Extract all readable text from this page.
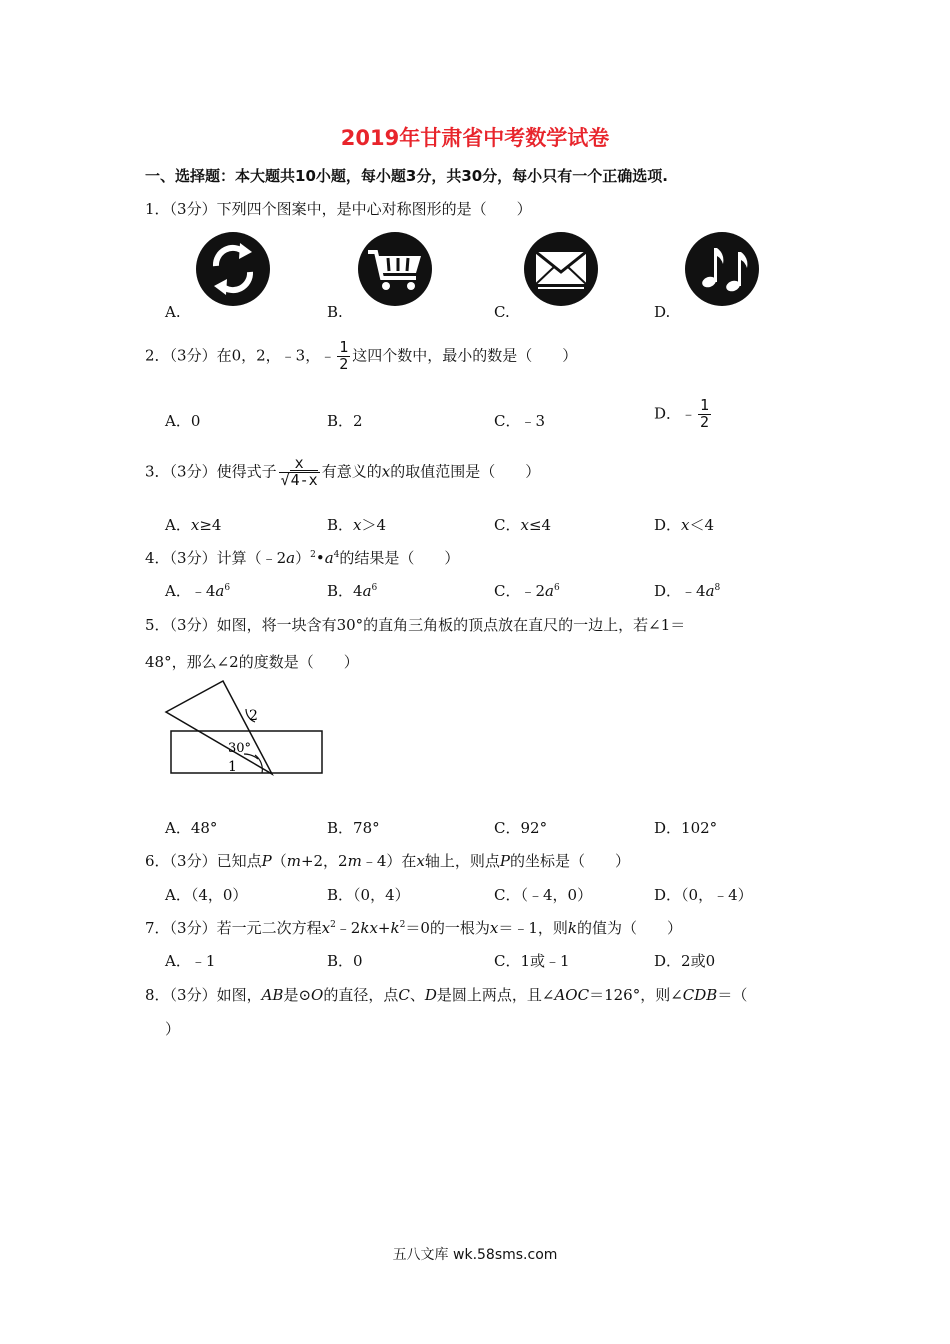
2019年甘肃省中考数学试卷
一、选择题：本大题共10小题，每小题3分，共30分，每小只有一个正确选项.
1．（3分）下列四个图案中，是中心对称图形的是（　　）
A.	B.	C.	D.
2．（3分）在0，2，﹣3，﹣ $\frac{1}{2}$ 这四个数中，最小的数是（　　）
A．0	B．2	C．﹣3	D．﹣ $\frac{1}{2}$
3．（3分）使得式子 $\frac{x}{√4-x}$ 有意义的x的取值范围是（　　）
A．x≥4	B．x＞4	C．x≤4	D．x＜4
4．（3分）计算$(﹣2a)^2•a^4$的结果是（　　）
A．$﹣4a^6$	B．$4a^6$	C．$﹣2a^6$	D．$﹣4a^8$
5．（3分）如图，将一块含有30°的直角三角板的顶点放在直尺的一边上，若∠1＝
48°，那么∠2的度数是（　　）
2
30°
1
A．48°	B．78°	C．92°	D．102°
6．（3分）已知点P（m+2，2m﹣4）在x轴上，则点P的坐标是（　　）
A．（4，0）	B．（0，4）	C．（﹣4，0）	D．（0，﹣4）
7．（3分）若一元二次方程$x^2﹣2kx+k^2=0$的一根为x＝﹣1，则k的值为（　　）
A．﹣1	B．0	C．1或﹣1	D．2或0
8．（3分）如图，AB是⊙O的直径，点C、D是圆上两点，且∠AOC＝126°，则∠CDB＝（
）
五八文库 wk.58sms.com
